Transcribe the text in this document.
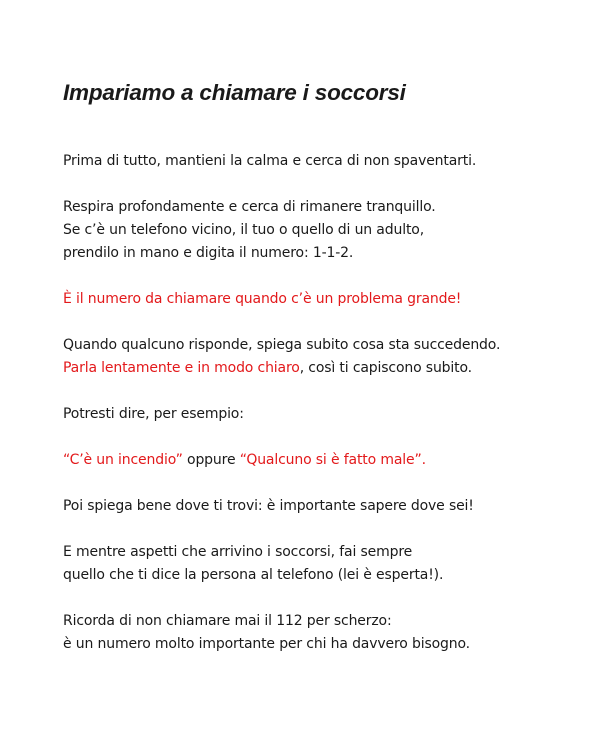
Impariamo a chiamare i soccorsi

Prima di tutto, mantieni la calma e cerca di non spaventarti.

Respira profondamente e cerca di rimanere tranquillo.
Se c’è un telefono vicino, il tuo o quello di un adulto,
prendilo in mano e digita il numero: 1-1-2.

È il numero da chiamare quando c’è un problema grande!

Quando qualcuno risponde, spiega subito cosa sta succedendo.
Parla lentamente e in modo chiaro, così ti capiscono subito.

Potresti dire, per esempio:

“C’è un incendio” oppure “Qualcuno si è fatto male”.

Poi spiega bene dove ti trovi: è importante sapere dove sei!

E mentre aspetti che arrivino i soccorsi, fai sempre
quello che ti dice la persona al telefono (lei è esperta!).

Ricorda di non chiamare mai il 112 per scherzo:
è un numero molto importante per chi ha davvero bisogno.
